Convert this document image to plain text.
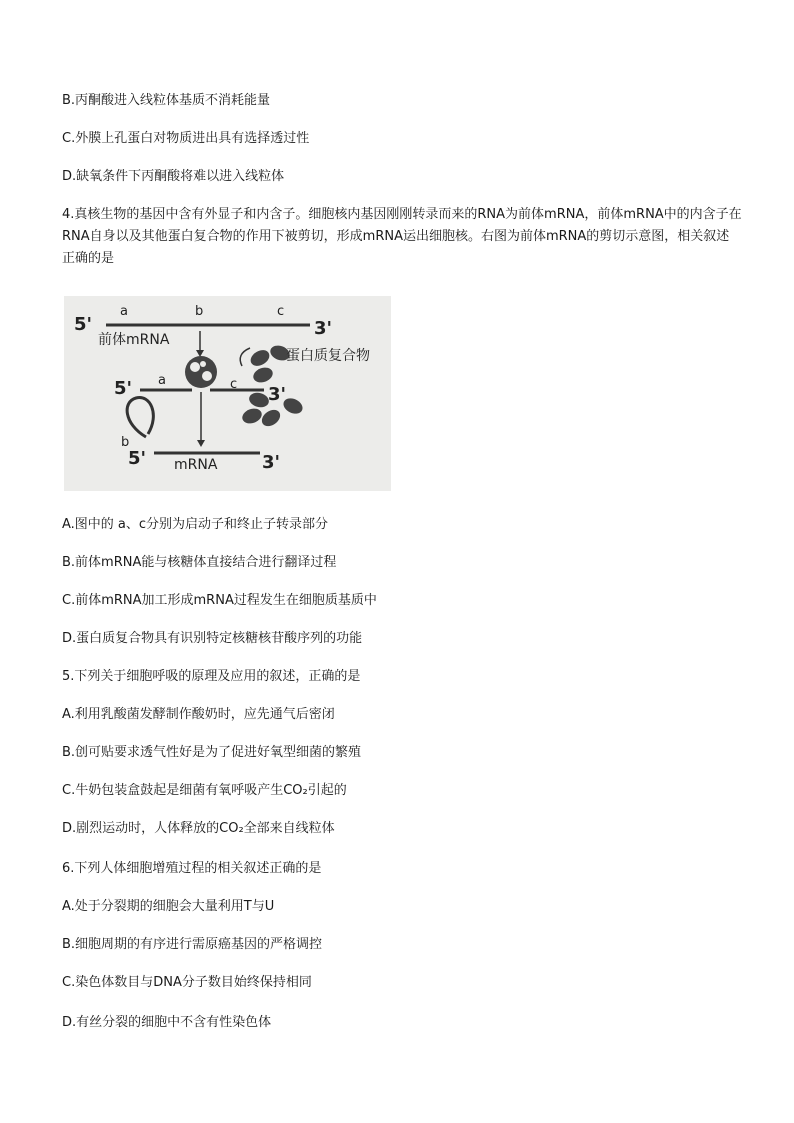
B.丙酮酸进入线粒体基质不消耗能量
C.外膜上孔蛋白对物质进出具有选择透过性
D.缺氧条件下丙酮酸将难以进入线粒体
4.真核生物的基因中含有外显子和内含子。细胞核内基因刚刚转录而来的RNA为前体mRNA，前体mRNA中的内含子在RNA自身以及其他蛋白复合物的作用下被剪切，形成mRNA运出细胞核。右图为前体mRNA的剪切示意图，相关叙述正确的是
5'	3'
a	b	c
前体mRNA
蛋白质复合物
5'	3'
a	c
b
5'	3'
mRNA
A.图中的 a、c分别为启动子和终止子转录部分
B.前体mRNA能与核糖体直接结合进行翻译过程
C.前体mRNA加工形成mRNA过程发生在细胞质基质中
D.蛋白质复合物具有识别特定核糖核苷酸序列的功能
5.下列关于细胞呼吸的原理及应用的叙述，正确的是
A.利用乳酸菌发酵制作酸奶时，应先通气后密闭
B.创可贴要求透气性好是为了促进好氧型细菌的繁殖
C.牛奶包装盒鼓起是细菌有氧呼吸产生CO₂引起的
D.剧烈运动时，人体释放的CO₂全部来自线粒体
6.下列人体细胞增殖过程的相关叙述正确的是
A.处于分裂期的细胞会大量利用T与U
B.细胞周期的有序进行需原癌基因的严格调控
C.染色体数目与DNA分子数目始终保持相同
D.有丝分裂的细胞中不含有性染色体
